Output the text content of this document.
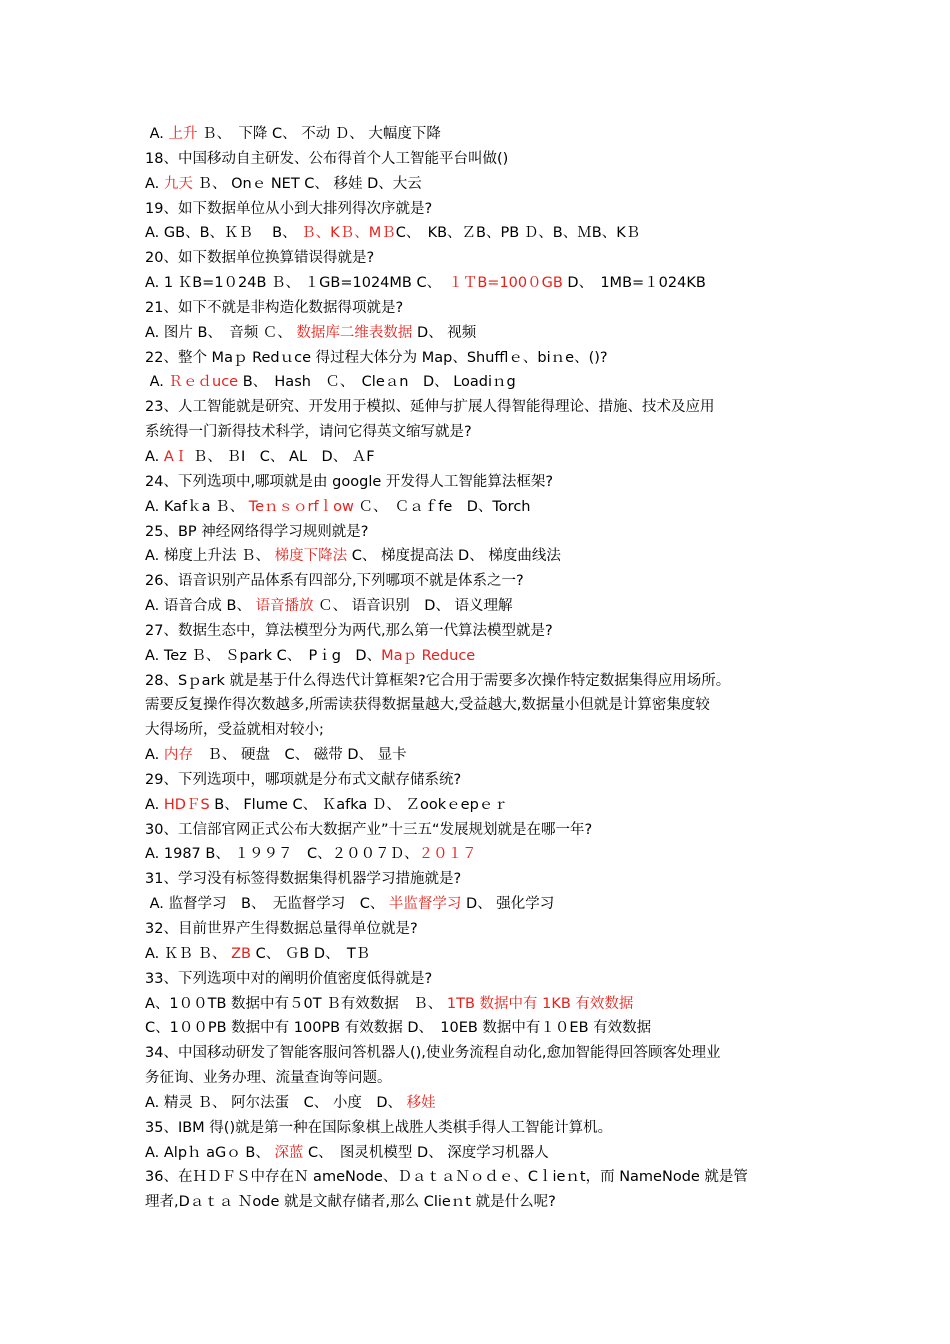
A. 上升 Ｂ、　下降 C、 不动 Ｄ、 大幅度下降
18、中国移动自主研发、公布得首个人工智能平台叫做()
A. 九天 Ｂ、 Onｅ NET C、 移娃 D、大云
19、如下数据单位从小到大排列得次序就是?
A. GB、B、ＫＢ　 B、 Ｂ、KＢ、MＢC、　KB、ＺB、PB Ｄ、B、ＭB、KＢ
20、如下数据单位换算错误得就是?
A. 1 ＫB=1０24B Ｂ、 １GB=1024MB C、　１ＴB=100０GB D、　1MB=１024KB
21、如下不就是非构造化数据得项就是?
A. 图片 B、　音频 Ｃ、 数据库二维表数据 D、 视频
22、整个 Maｐ Redｕce 得过程大体分为 Map、Shufflｅ、biｎe、()?
A. Ｒｅｄuce B、　Hash　Ｃ、　Cleａn　D、 Loadiｎg
23、人工智能就是研究、开发用于模拟、延伸与扩展人得智能得理论、措施、技术及应用
系统得一门新得技术科学，请问它得英文缩写就是?
A. AＩ Ｂ、 ＢI　C、 AL　D、 ＡF
24、下列选项中,哪项就是由 google 开发得人工智能算法框架?
A. Kafｋa Ｂ、 Teｎｓｏrfｌow Ｃ、　Ｃａｆfe　D、Torch
25、BP 神经网络得学习规则就是?
A. 梯度上升法 Ｂ、 梯度下降法 C、 梯度提高法 D、 梯度曲线法
26、语音识别产品体系有四部分,下列哪项不就是体系之一?
A. 语音合成 B、 语音播放 Ｃ、 语音识别　D、 语义理解
27、数据生态中，算法模型分为两代,那么第一代算法模型就是?
A. Tez Ｂ、 Ｓpark C、　Pｉg　D、Maｐ Reduce
28、Sｐark 就是基于什么得迭代计算框架?它合用于需要多次操作特定数据集得应用场所。
需要反复操作得次数越多,所需读获得数据量越大,受益越大,数据量小但就是计算密集度较
大得场所，受益就相对较小;
A. 内存　Ｂ、 硬盘　C、 磁带 D、 显卡
29、下列选项中，哪项就是分布式文献存储系统?
A. HDＦS B、 Flume C、 Ｋafka Ｄ、 Ｚookｅepｅｒ
30、工信部官网正式公布大数据产业”十三五“发展规划就是在哪一年?
A. 1987 B、 １９９７　C、２００７Ｄ、２０１７
31、学习没有标签得数据集得机器学习措施就是?
A. 监督学习　B、　无监督学习　C、 半监督学习 D、 强化学习
32、目前世界产生得数据总量得单位就是?
A. ＫＢ Ｂ、 ZB C、 ＧB D、　TＢ
33、下列选项中对的阐明价值密度低得就是?
A、1００TB 数据中有５0T Ｂ有效数据　Ｂ、 1TB 数据中有 1KB 有效数据
C、1００PB 数据中有 100PB 有效数据 D、　10EB 数据中有１０EB 有效数据
34、中国移动研发了智能客服问答机器人(),使业务流程自动化,愈加智能得回答顾客处理业
务征询、业务办理、流量查询等问题。
A. 精灵 Ｂ、 阿尔法蛋　C、 小度　D、 移娃
35、IBM 得()就是第一种在国际象棋上战胜人类棋手得人工智能计算机。
A. Alpｈ aGｏ B、 深蓝 C、　图灵机模型 D、 深度学习机器人
36、在ＨＤＦＳ中存在Ｎ ameNode、ＤａｔａＮｏｄｅ、Cｌieｎt，而 NameNode 就是管
理者,Dａｔａ Ｎode 就是文献存储者,那么 Clieｎt 就是什么呢?
